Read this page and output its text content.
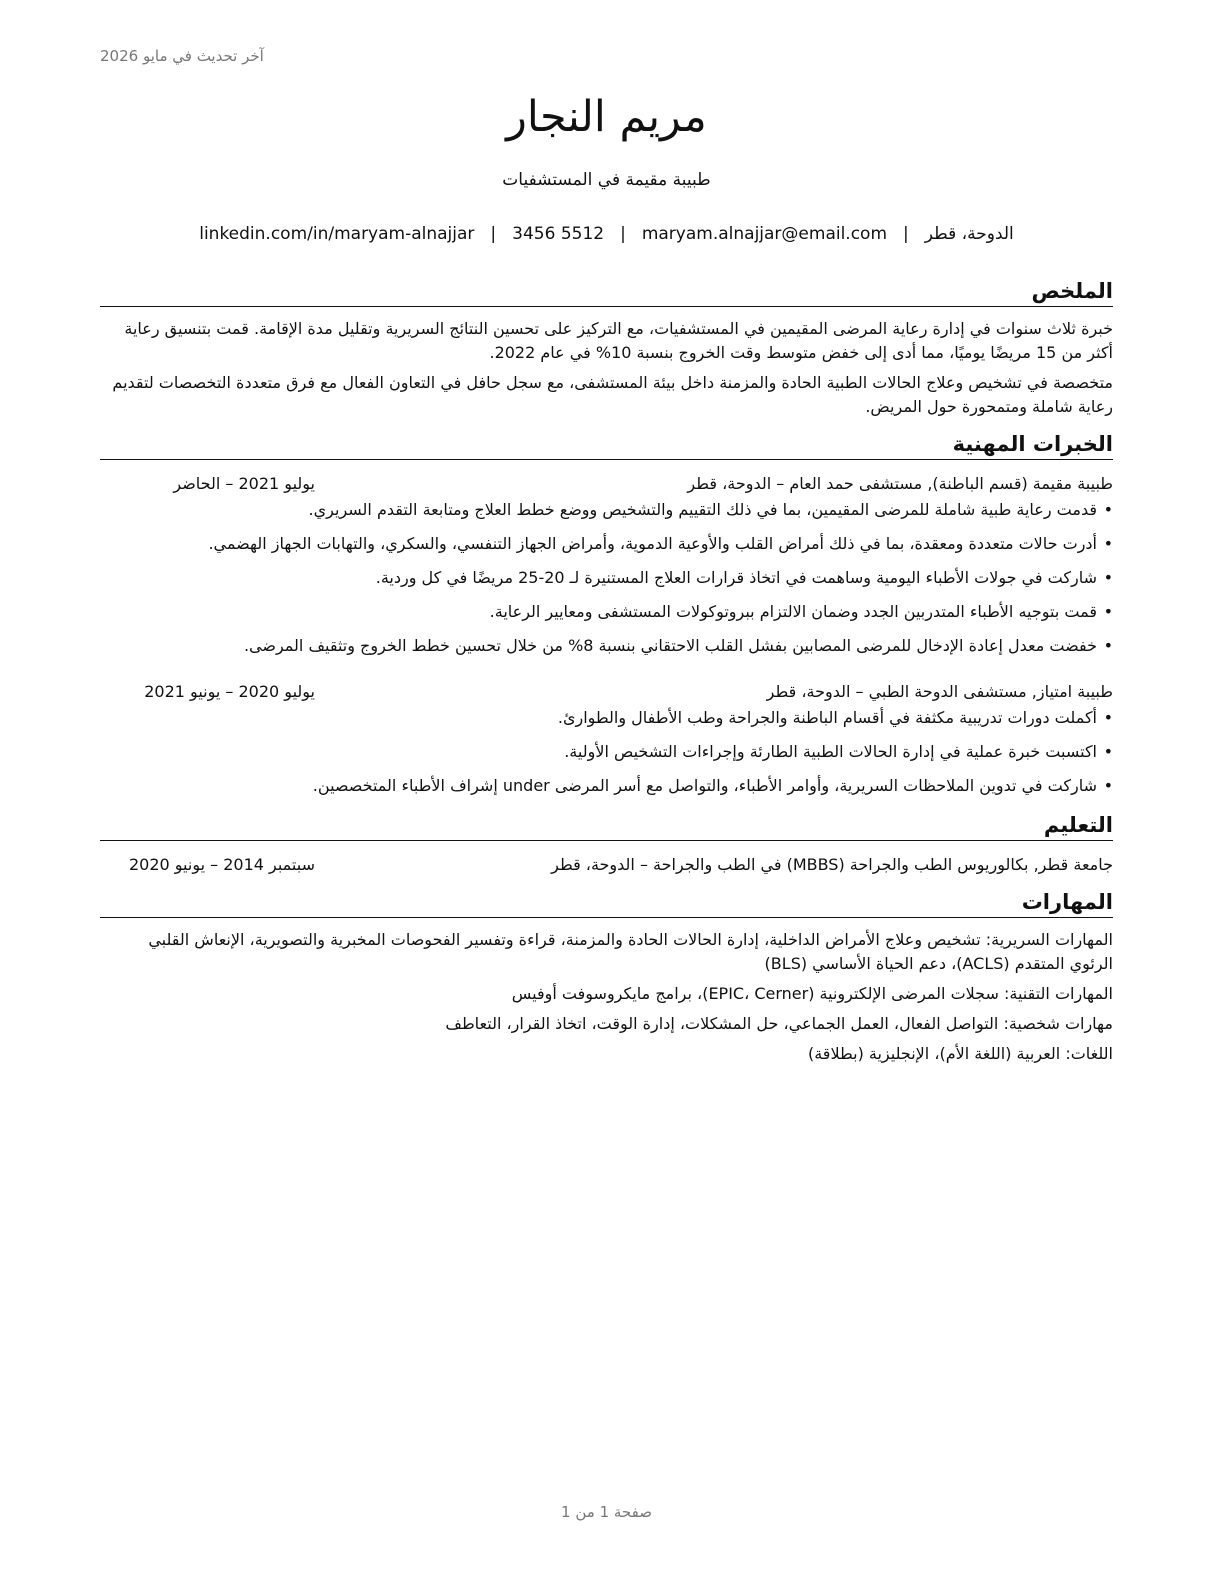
آخر تحديث في مايو 2026
مريم النجار
طبيبة مقيمة في المستشفيات
الدوحة، قطر|maryam.alnajjar@email.com|3456 5512|linkedin.com/in/maryam-alnajjar
الملخص

خبرة ثلاث سنوات في إدارة رعاية المرضى المقيمين في المستشفيات، مع التركيز على تحسين النتائج السريرية وتقليل مدة الإقامة. قمت بتنسيق رعاية أكثر من 15 مريضًا يوميًا، مما أدى إلى خفض متوسط وقت الخروج بنسبة 10% في عام 2022.

متخصصة في تشخيص وعلاج الحالات الطبية الحادة والمزمنة داخل بيئة المستشفى، مع سجل حافل في التعاون الفعال مع فرق متعددة التخصصات لتقديم رعاية شاملة ومتمحورة حول المريض.

الخبرات المهنية
طبيبة مقيمة (قسم الباطنة), مستشفى حمد العام – الدوحة، قطر
يوليو 2021 – الحاضر
• قدمت رعاية طبية شاملة للمرضى المقيمين، بما في ذلك التقييم والتشخيص ووضع خطط العلاج ومتابعة التقدم السريري.
• أدرت حالات متعددة ومعقدة، بما في ذلك أمراض القلب والأوعية الدموية، وأمراض الجهاز التنفسي، والسكري، والتهابات الجهاز الهضمي.
• شاركت في جولات الأطباء اليومية وساهمت في اتخاذ قرارات العلاج المستنيرة لـ 20-25 مريضًا في كل وردية.
• قمت بتوجيه الأطباء المتدربين الجدد وضمان الالتزام ببروتوكولات المستشفى ومعايير الرعاية.
• خفضت معدل إعادة الإدخال للمرضى المصابين بفشل القلب الاحتقاني بنسبة 8% من خلال تحسين خطط الخروج وتثقيف المرضى.
طبيبة امتياز, مستشفى الدوحة الطبي – الدوحة، قطر
يوليو 2020 – يونيو 2021
• أكملت دورات تدريبية مكثفة في أقسام الباطنة والجراحة وطب الأطفال والطوارئ.
• اكتسبت خبرة عملية في إدارة الحالات الطبية الطارئة وإجراءات التشخيص الأولية.
• شاركت في تدوين الملاحظات السريرية، وأوامر الأطباء، والتواصل مع أسر المرضى under إشراف الأطباء المتخصصين.
التعليم
جامعة قطر, بكالوريوس الطب والجراحة (MBBS) في الطب والجراحة – الدوحة، قطر
سبتمبر 2014 – يونيو 2020
المهارات
المهارات السريرية: تشخيص وعلاج الأمراض الداخلية، إدارة الحالات الحادة والمزمنة، قراءة وتفسير الفحوصات المخبرية والتصويرية، الإنعاش القلبي الرئوي المتقدم (ACLS)، دعم الحياة الأساسي (BLS)
المهارات التقنية: سجلات المرضى الإلكترونية (EPIC، Cerner)، برامج مايكروسوفت أوفيس
مهارات شخصية: التواصل الفعال، العمل الجماعي، حل المشكلات، إدارة الوقت، اتخاذ القرار، التعاطف
اللغات: العربية (اللغة الأم)، الإنجليزية (بطلاقة)
صفحة 1 من 1
